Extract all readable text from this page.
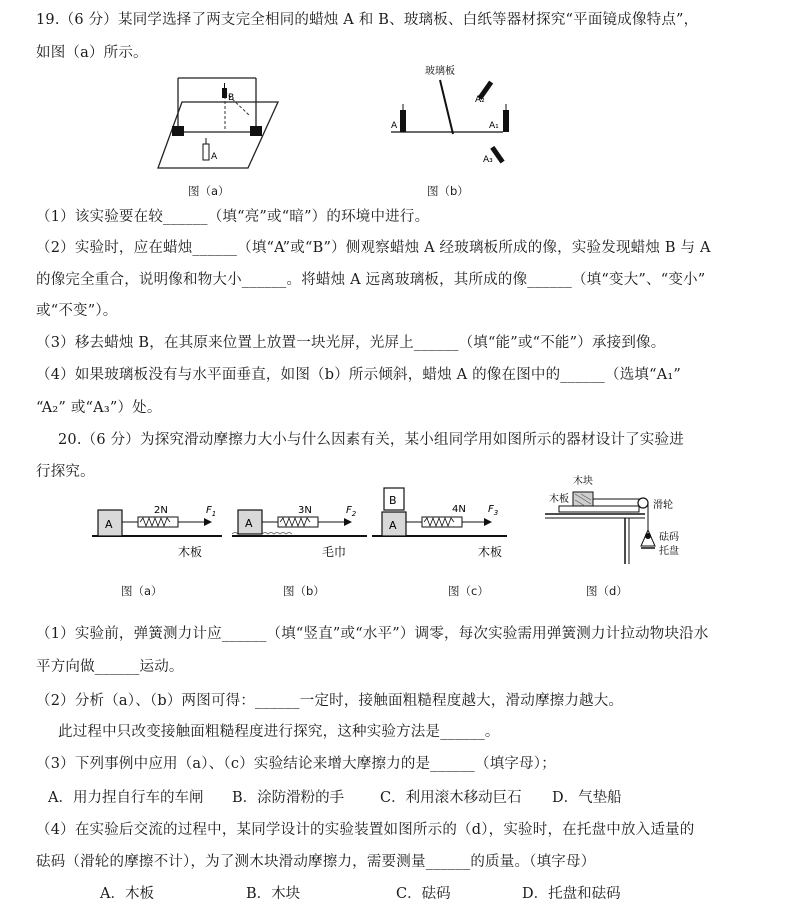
19.（6 分）某同学选择了两支完全相同的蜡烛 A 和 B、玻璃板、白纸等器材探究“平面镜成像特点”，
如图（a）所示。
B
A
图（a）
玻璃板
A	A₁
A₂
A₃
图（b）
（1）该实验要在较______（填“亮”或“暗”）的环境中进行。
（2）实验时，应在蜡烛______（填“A”或“B”）侧观察蜡烛 A 经玻璃板所成的像，实验发现蜡烛 B 与 A
的像完全重合，说明像和物大小______。将蜡烛 A 远离玻璃板，其所成的像______（填“变大”、“变小”
或“不变”）。
（3）移去蜡烛 B，在其原来位置上放置一块光屏，光屏上______（填“能”或“不能”）承接到像。
（4）如果玻璃板没有与水平面垂直，如图（b）所示倾斜，蜡烛 A 的像在图中的______（选填“A₁”
“A₂” 或“A₃”）处。
20.（6 分）为探究滑动摩擦力大小与什么因素有关，某小组同学用如图所示的器材设计了实验进
行探究。
A
2N	$F_1$
木板
A
3N	$F_2$
毛巾
A
B
4N $F_3$
木板
木块
木板
滑轮
砝码
托盘
图（a）	图（b）	图（c）	图（d）
（1）实验前，弹簧测力计应______（填“竖直”或“水平”）调零，每次实验需用弹簧测力计拉动物块沿水
平方向做______运动。
（2）分析（a）、（b）两图可得：______一定时，接触面粗糙程度越大，滑动摩擦力越大。
此过程中只改变接触面粗糙程度进行探究，这种实验方法是______。
（3）下列事例中应用（a）、（c）实验结论来增大摩擦力的是______（填字母）；
A．用力捏自行车的车闸 B．涂防滑粉的手 C．利用滚木移动巨石 D．气垫船
（4）在实验后交流的过程中，某同学设计的实验装置如图所示的（d），实验时，在托盘中放入适量的
砝码（滑轮的摩擦不计），为了测木块滑动摩擦力，需要测量______的质量。（填字母）
A．木板	B．木块	C．砝码	D．托盘和砝码
